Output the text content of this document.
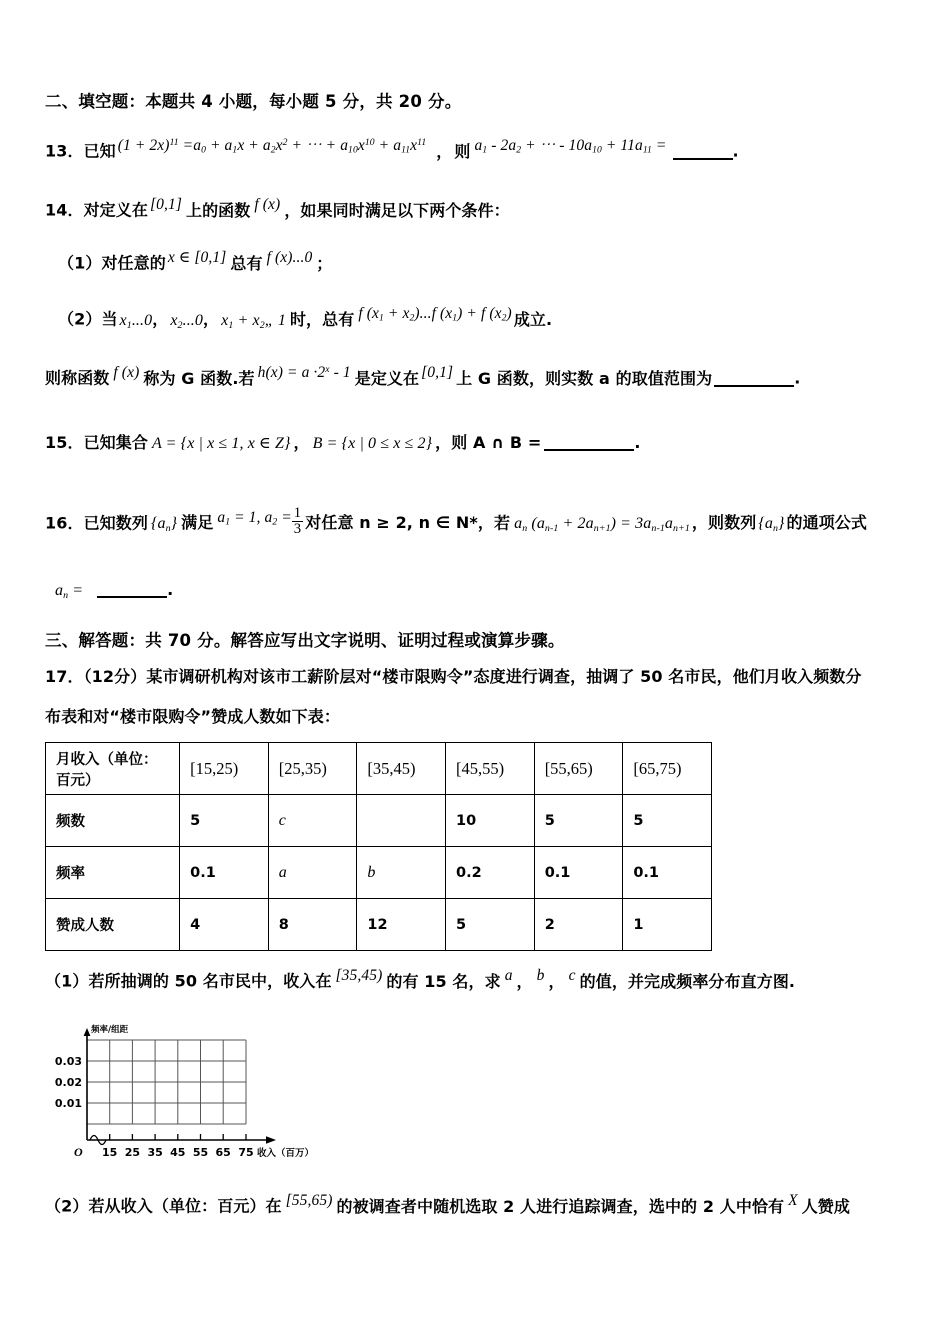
二、填空题：本题共 4 小题，每小题 5 分，共 20 分。
13．已知 $(1 + 2x)^{11} =a_0 + a_1x + a_2x^2$ + ⋯ + $a_{10}x^{10} + a_{11}x^{11}$ ， 则 $a_1 - 2a_2$ + ⋯ - $10a_{10} + 11a_{11}$ =	.
14．对定义在 [0,1] 上的函数 f (x) ，如果同时满足以下两个条件：
（1）对任意的 x ∈ [0,1] 总有 f (x)...0 ；
（2）当 $x_1...0$， $x_2...0$， $x_1$ + $x_2„$ 1 时，总有 f $(x_1 + x_2)...f$ $(x_1) + f$ $(x_2)$ 成立.
则称函数 f (x) 称为 G 函数.若 $h(x) = a \cdot 2^x - 1$ 是定义在 [0,1] 上 G 函数，则实数 a 的取值范围为	.
15．已知集合 A = {x | x ≤ 1, x ∈ Z} ， B = {x | 0 ≤ x ≤ 2} ，则 A ∩ B =	.
16．已知数列 $\{a_n\}$ 满足 $a_1 = 1$, $a_2 = \frac{1}{3}$ 对任意 n ≥ 2, n ∈ N*，若 $a_n$ $(a_{n-1} + 2a_{n+1}) = 3a_{n-1}a_{n+1}$ ，则数列 $\{a_n\}$ 的通项公式
$a_n$ =	.
三、解答题：共 70 分。解答应写出文字说明、证明过程或演算步骤。
17．（12分）某市调研机构对该市工薪阶层对“楼市限购令”态度进行调查，抽调了 50 名市民，他们月收入频数分
布表和对“楼市限购令”赞成人数如下表：
月收入（单位：百元）	[15,25)	[25,35)	[35,45)	[45,55)	[55,65)	[65,75)
频数	5	c		10	5	5
频率	0.1	a	b	0.2	0.1	0.1
赞成人数	4	8	12	5	2	1
（1）若所抽调的 50 名市民中，收入在 [35,45) 的有 15 名，求 a ， b ， c 的值，并完成频率分布直方图.
频率/组距
O
0.01
0.02
0.03
15 25 35 45 55 65 75 收入（百万）
（2）若从收入（单位：百元）在 [55,65) 的被调查者中随机选取 2 人进行追踪调查，选中的 2 人中恰有 X 人赞成
